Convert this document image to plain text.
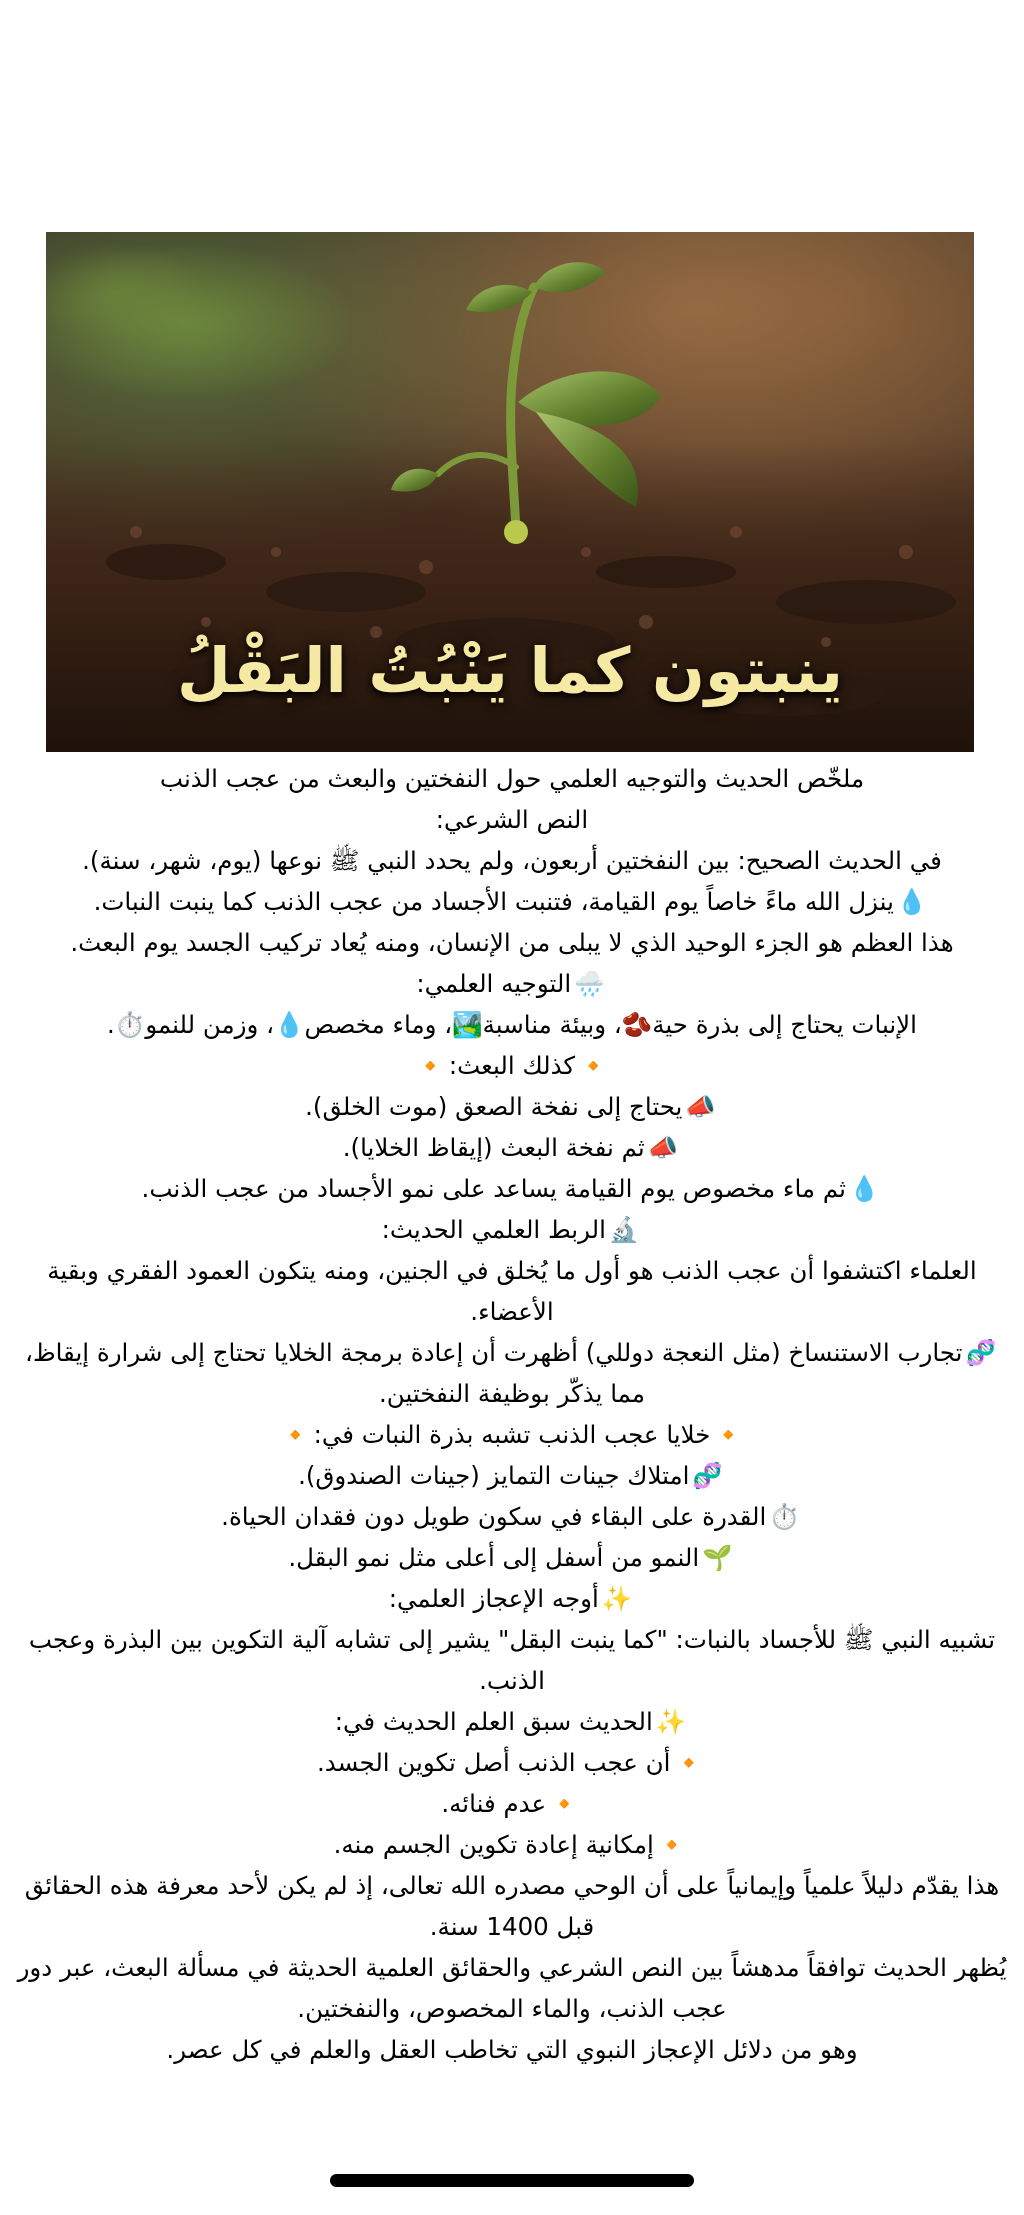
ينبتون كما يَنْبُتُ البَقْلُ

ملخّص الحديث والتوجيه العلمي حول النفختين والبعث من عجب الذنب

النص الشرعي:

في الحديث الصحيح: بين النفختين أربعون، ولم يحدد النبي ﷺ نوعها (يوم، شهر، سنة).

💧ينزل الله ماءً خاصاً يوم القيامة، فتنبت الأجساد من عجب الذنب كما ينبت النبات.

هذا العظم هو الجزء الوحيد الذي لا يبلى من الإنسان، ومنه يُعاد تركيب الجسد يوم البعث.

🌧️التوجيه العلمي:

الإنبات يحتاج إلى بذرة حية🫘، وبيئة مناسبة🏞️، وماء مخصص💧، وزمن للنمو⏱️.

🔸كذلك البعث:🔸

📣يحتاج إلى نفخة الصعق (موت الخلق).

📣ثم نفخة البعث (إيقاظ الخلايا).

💧ثم ماء مخصوص يوم القيامة يساعد على نمو الأجساد من عجب الذنب.

🔬الربط العلمي الحديث:

العلماء اكتشفوا أن عجب الذنب هو أول ما يُخلق في الجنين، ومنه يتكون العمود الفقري وبقية الأعضاء.

🧬تجارب الاستنساخ (مثل النعجة دوللي) أظهرت أن إعادة برمجة الخلايا تحتاج إلى شرارة إيقاظ، مما يذكّر بوظيفة النفختين.

🔸خلايا عجب الذنب تشبه بذرة النبات في:🔸

🧬امتلاك جينات التمايز (جينات الصندوق).

⏱️القدرة على البقاء في سكون طويل دون فقدان الحياة.

🌱النمو من أسفل إلى أعلى مثل نمو البقل.

✨أوجه الإعجاز العلمي:

تشبيه النبي ﷺ للأجساد بالنبات: "كما ينبت البقل" يشير إلى تشابه آلية التكوين بين البذرة وعجب الذنب.

✨الحديث سبق العلم الحديث في:

🔸أن عجب الذنب أصل تكوين الجسد.

🔸عدم فنائه.

🔸إمكانية إعادة تكوين الجسم منه.

هذا يقدّم دليلاً علمياً وإيمانياً على أن الوحي مصدره الله تعالى، إذ لم يكن لأحد معرفة هذه الحقائق قبل 1400 سنة.

يُظهر الحديث توافقاً مدهشاً بين النص الشرعي والحقائق العلمية الحديثة في مسألة البعث، عبر دور عجب الذنب، والماء المخصوص، والنفختين.

وهو من دلائل الإعجاز النبوي التي تخاطب العقل والعلم في كل عصر.
